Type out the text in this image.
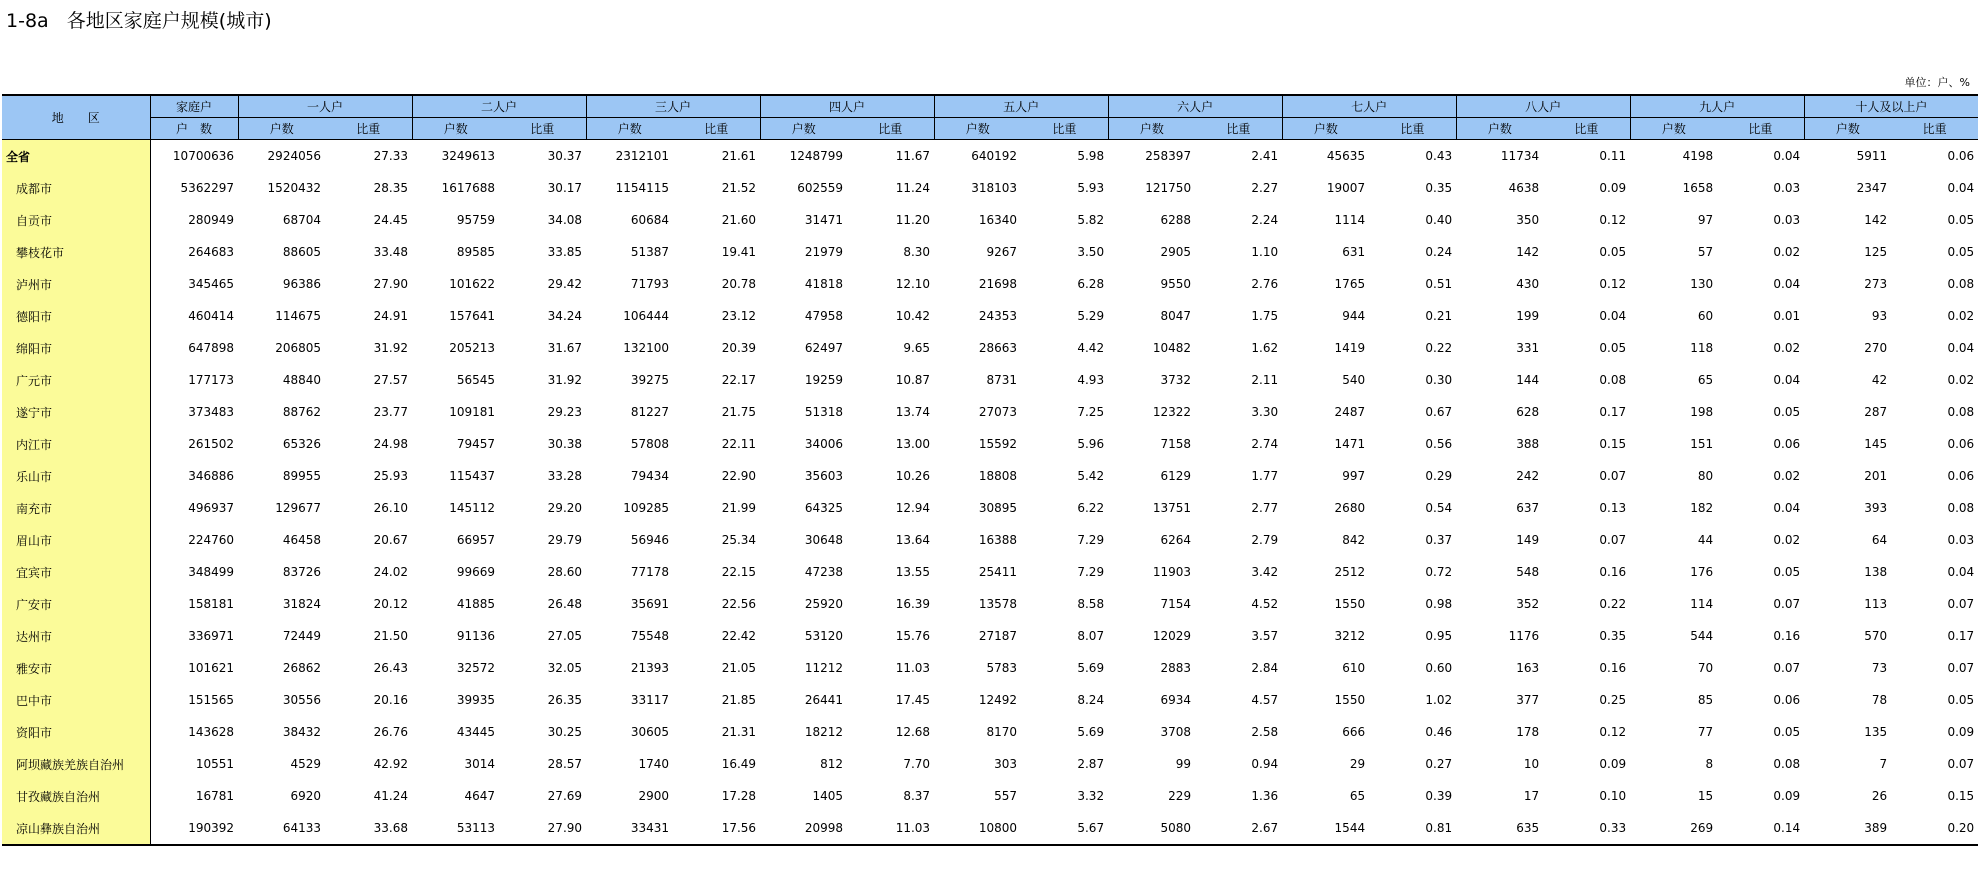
1-8a   各地区家庭户规模(城市)
单位：户、%
地　　区	家庭户	一人户		二人户		三人户		四人户		五人户		六人户		七人户		八人户		九人户		十人及以上户	
	户　数	户数	比重	户数	比重	户数	比重	户数	比重	户数	比重	户数	比重	户数	比重	户数	比重	户数	比重	户数	比重
全省	10700636	2924056	27.33	3249613	30.37	2312101	21.61	1248799	11.67	640192	5.98	258397	2.41	45635	0.43	11734	0.11	4198	0.04	5911	0.06
成都市	5362297	1520432	28.35	1617688	30.17	1154115	21.52	602559	11.24	318103	5.93	121750	2.27	19007	0.35	4638	0.09	1658	0.03	2347	0.04
自贡市	280949	68704	24.45	95759	34.08	60684	21.60	31471	11.20	16340	5.82	6288	2.24	1114	0.40	350	0.12	97	0.03	142	0.05
攀枝花市	264683	88605	33.48	89585	33.85	51387	19.41	21979	8.30	9267	3.50	2905	1.10	631	0.24	142	0.05	57	0.02	125	0.05
泸州市	345465	96386	27.90	101622	29.42	71793	20.78	41818	12.10	21698	6.28	9550	2.76	1765	0.51	430	0.12	130	0.04	273	0.08
德阳市	460414	114675	24.91	157641	34.24	106444	23.12	47958	10.42	24353	5.29	8047	1.75	944	0.21	199	0.04	60	0.01	93	0.02
绵阳市	647898	206805	31.92	205213	31.67	132100	20.39	62497	9.65	28663	4.42	10482	1.62	1419	0.22	331	0.05	118	0.02	270	0.04
广元市	177173	48840	27.57	56545	31.92	39275	22.17	19259	10.87	8731	4.93	3732	2.11	540	0.30	144	0.08	65	0.04	42	0.02
遂宁市	373483	88762	23.77	109181	29.23	81227	21.75	51318	13.74	27073	7.25	12322	3.30	2487	0.67	628	0.17	198	0.05	287	0.08
内江市	261502	65326	24.98	79457	30.38	57808	22.11	34006	13.00	15592	5.96	7158	2.74	1471	0.56	388	0.15	151	0.06	145	0.06
乐山市	346886	89955	25.93	115437	33.28	79434	22.90	35603	10.26	18808	5.42	6129	1.77	997	0.29	242	0.07	80	0.02	201	0.06
南充市	496937	129677	26.10	145112	29.20	109285	21.99	64325	12.94	30895	6.22	13751	2.77	2680	0.54	637	0.13	182	0.04	393	0.08
眉山市	224760	46458	20.67	66957	29.79	56946	25.34	30648	13.64	16388	7.29	6264	2.79	842	0.37	149	0.07	44	0.02	64	0.03
宜宾市	348499	83726	24.02	99669	28.60	77178	22.15	47238	13.55	25411	7.29	11903	3.42	2512	0.72	548	0.16	176	0.05	138	0.04
广安市	158181	31824	20.12	41885	26.48	35691	22.56	25920	16.39	13578	8.58	7154	4.52	1550	0.98	352	0.22	114	0.07	113	0.07
达州市	336971	72449	21.50	91136	27.05	75548	22.42	53120	15.76	27187	8.07	12029	3.57	3212	0.95	1176	0.35	544	0.16	570	0.17
雅安市	101621	26862	26.43	32572	32.05	21393	21.05	11212	11.03	5783	5.69	2883	2.84	610	0.60	163	0.16	70	0.07	73	0.07
巴中市	151565	30556	20.16	39935	26.35	33117	21.85	26441	17.45	12492	8.24	6934	4.57	1550	1.02	377	0.25	85	0.06	78	0.05
资阳市	143628	38432	26.76	43445	30.25	30605	21.31	18212	12.68	8170	5.69	3708	2.58	666	0.46	178	0.12	77	0.05	135	0.09
阿坝藏族羌族自治州	10551	4529	42.92	3014	28.57	1740	16.49	812	7.70	303	2.87	99	0.94	29	0.27	10	0.09	8	0.08	7	0.07
甘孜藏族自治州	16781	6920	41.24	4647	27.69	2900	17.28	1405	8.37	557	3.32	229	1.36	65	0.39	17	0.10	15	0.09	26	0.15
凉山彝族自治州	190392	64133	33.68	53113	27.90	33431	17.56	20998	11.03	10800	5.67	5080	2.67	1544	0.81	635	0.33	269	0.14	389	0.20
